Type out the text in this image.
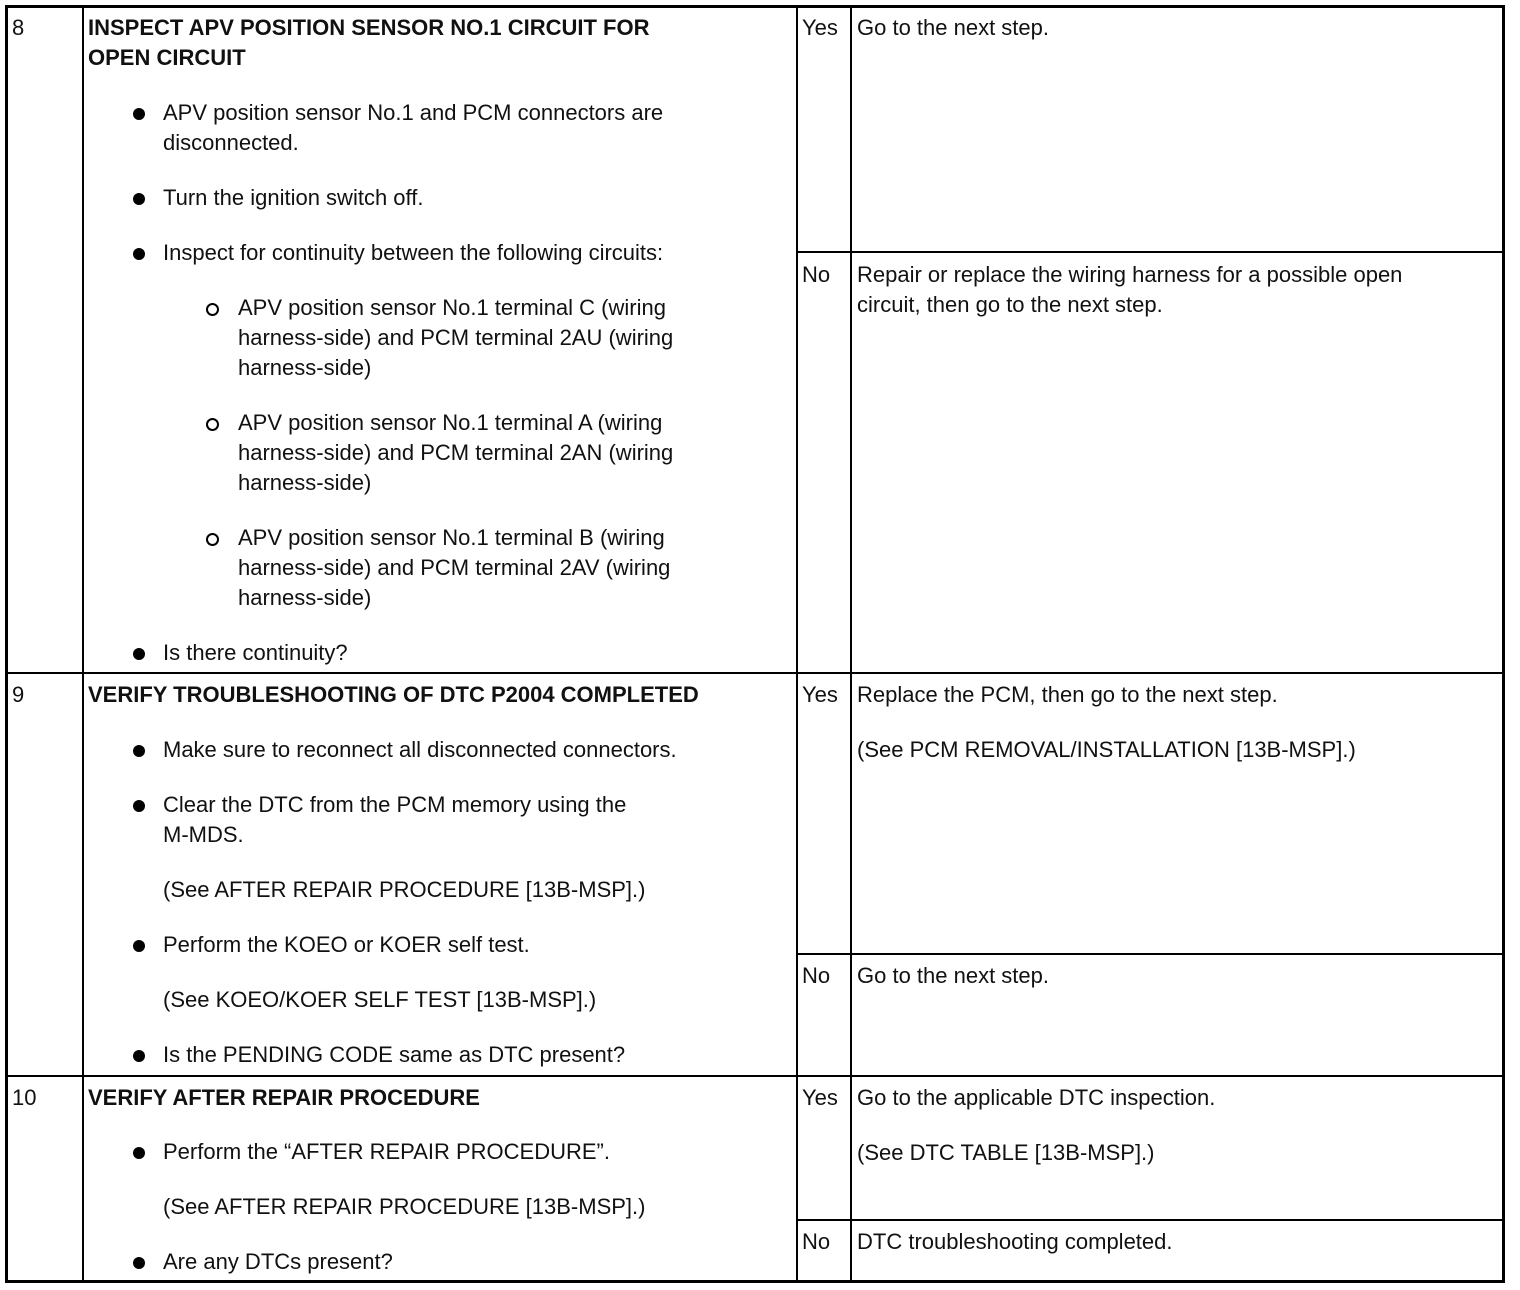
8	INSPECT APV POSITION SENSOR NO.1 CIRCUIT FOR
OPEN CIRCUIT
APV position sensor No.1 and PCM connectors are
disconnected.
Turn the ignition switch off.
Inspect for continuity between the following circuits:
APV position sensor No.1 terminal C (wiring
harness-side) and PCM terminal 2AU (wiring
harness-side)
APV position sensor No.1 terminal A (wiring
harness-side) and PCM terminal 2AN (wiring
harness-side)
APV position sensor No.1 terminal B (wiring
harness-side) and PCM terminal 2AV (wiring
harness-side)
Is there continuity?
Yes Go to the next step.
No Repair or replace the wiring harness for a possible open
circuit, then go to the next step.
9	VERIFY TROUBLESHOOTING OF DTC P2004 COMPLETED
Make sure to reconnect all disconnected connectors.
Clear the DTC from the PCM memory using the
M-MDS.
(See AFTER REPAIR PROCEDURE [13B-MSP].)
Perform the KOEO or KOER self test.
(See KOEO/KOER SELF TEST [13B-MSP].)
Is the PENDING CODE same as DTC present?
Yes Replace the PCM, then go to the next step.
(See PCM REMOVAL/INSTALLATION [13B-MSP].)
No Go to the next step.
10 VERIFY AFTER REPAIR PROCEDURE
Perform the “AFTER REPAIR PROCEDURE”.
(See AFTER REPAIR PROCEDURE [13B-MSP].)
Are any DTCs present?
Yes Go to the applicable DTC inspection.
(See DTC TABLE [13B-MSP].)
No DTC troubleshooting completed.
